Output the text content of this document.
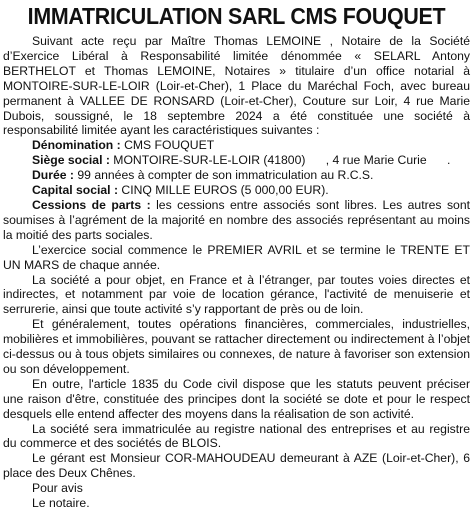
IMMATRICULATION SARL CMS FOUQUET

Suivant acte reçu par Maître Thomas LEMOINE , Notaire de la Société d’Exercice Libéral à Responsabilité limitée dénommée « SELARL Antony BERTHELOT et Thomas LEMOINE, Notaires » titulaire d’un office notarial à MONTOIRE-SUR-LE-LOIR (Loir-et-Cher), 1 Place du Maréchal Foch, avec bureau permanent à VALLEE DE RONSARD (Loir-et-Cher), Couture sur Loir, 4 rue Marie Dubois, soussigné, le 18 septembre 2024 a été constituée une société à responsabilité limitée ayant les caractéristiques suivantes :

Dénomination : CMS FOUQUET

Siège social : MONTOIRE-SUR-LE-LOIR (41800)      , 4 rue Marie Curie      .

Durée : 99 années à compter de son immatriculation au R.C.S.

Capital social : CINQ MILLE EUROS (5 000,00 EUR).

Cessions de parts : les cessions entre associés sont libres. Les autres sont soumises à l’agrément de la majorité en nombre des associés représentant au moins la moitié des parts sociales.

L’exercice social commence le PREMIER AVRIL et se termine le TRENTE ET UN MARS de chaque année.

La société a pour objet, en France et à l’étranger, par toutes voies directes et indirectes, et notamment par voie de location gérance, l'activité de menuiserie et serrurerie, ainsi que toute activité s’y rapportant de près ou de loin.

Et généralement, toutes opérations financières, commerciales, industrielles, mobilières et immobilières, pouvant se rattacher directement ou indirectement à l’objet ci-dessus ou à tous objets similaires ou connexes, de nature à favoriser son extension ou son développement.

En outre, l'article 1835 du Code civil dispose que les statuts peuvent préciser une raison d'être, constituée des principes dont la société se dote et pour le respect desquels elle entend affecter des moyens dans la réalisation de son activité.

La société sera immatriculée au registre national des entreprises et au registre du commerce et des sociétés de BLOIS.

Le gérant est Monsieur COR-MAHOUDEAU demeurant à AZE (Loir-et-Cher), 6 place des Deux Chênes.

Pour avis

Le notaire.
